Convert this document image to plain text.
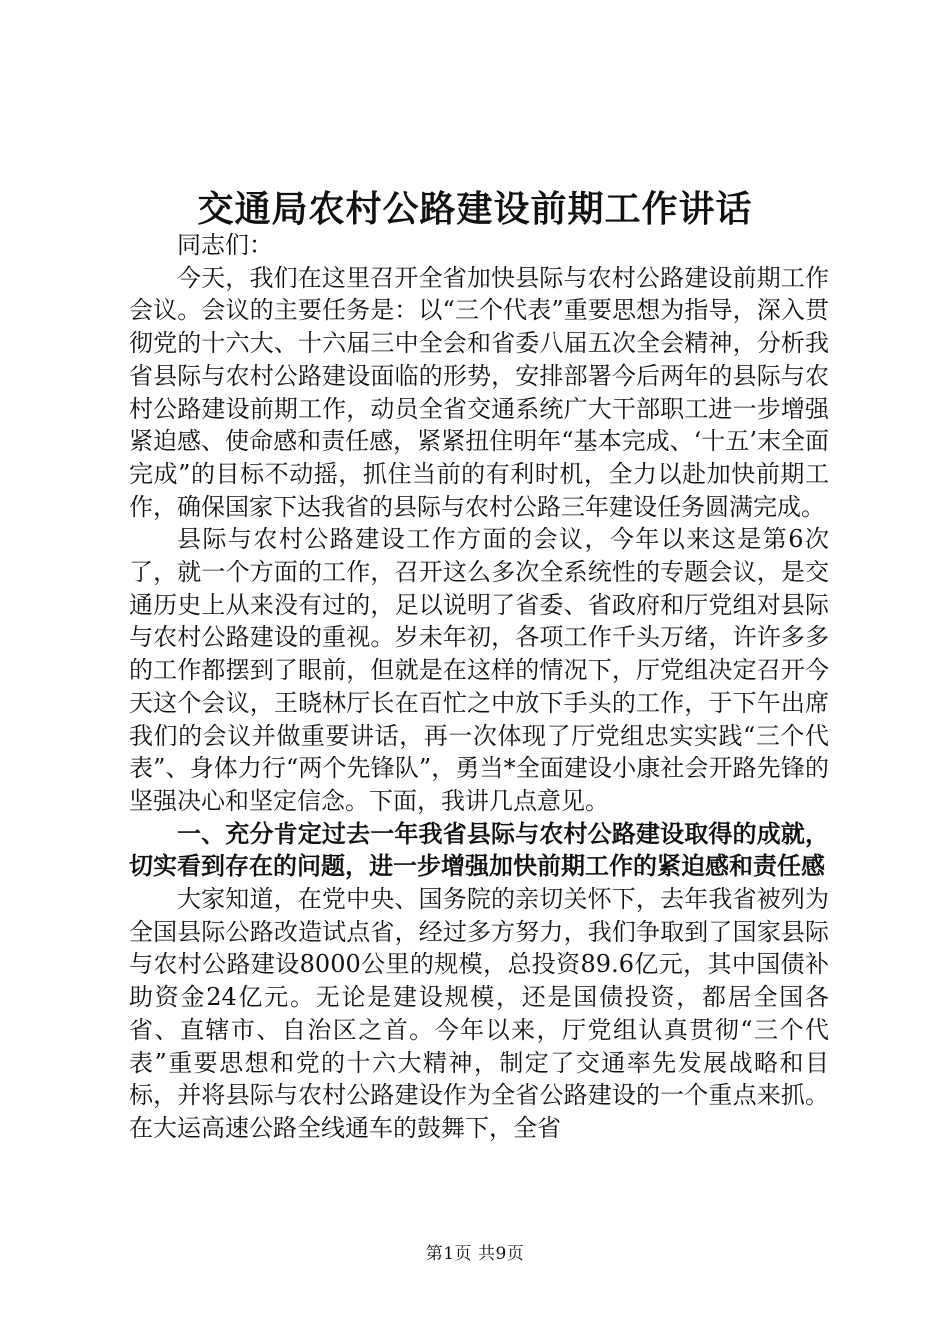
交通局农村公路建设前期工作讲话

同志们：

今天，我们在这里召开全省加快县际与农村公路建设前期工作会议。会议的主要任务是：以“三个代表”重要思想为指导，深入贯彻党的十六大、十六届三中全会和省委八届五次全会精神，分析我省县际与农村公路建设面临的形势，安排部署今后两年的县际与农村公路建设前期工作，动员全省交通系统广大干部职工进一步增强紧迫感、使命感和责任感，紧紧扭住明年“基本完成、‘十五’末全面完成”的目标不动摇，抓住当前的有利时机，全力以赴加快前期工作，确保国家下达我省的县际与农村公路三年建设任务圆满完成。

县际与农村公路建设工作方面的会议，今年以来这是第6次了，就一个方面的工作，召开这么多次全系统性的专题会议，是交通历史上从来没有过的，足以说明了省委、省政府和厅党组对县际与农村公路建设的重视。岁未年初，各项工作千头万绪，许许多多的工作都摆到了眼前，但就是在这样的情况下，厅党组决定召开今天这个会议，王晓林厅长在百忙之中放下手头的工作，于下午出席我们的会议并做重要讲话，再一次体现了厅党组忠实实践“三个代表”、身体力行“两个先锋队”，勇当*全面建设小康社会开路先锋的坚强决心和坚定信念。下面，我讲几点意见。

一、充分肯定过去一年我省县际与农村公路建设取得的成就，切实看到存在的问题，进一步增强加快前期工作的紧迫感和责任感

大家知道，在党中央、国务院的亲切关怀下，去年我省被列为全国县际公路改造试点省，经过多方努力，我们争取到了国家县际与农村公路建设8000公里的规模，总投资89.6亿元，其中国债补助资金24亿元。无论是建设规模，还是国债投资，都居全国各省、直辖市、自治区之首。今年以来，厅党组认真贯彻“三个代表”重要思想和党的十六大精神，制定了交通率先发展战略和目标，并将县际与农村公路建设作为全省公路建设的一个重点来抓。在大运高速公路全线通车的鼓舞下，全省

第1页 共9页
